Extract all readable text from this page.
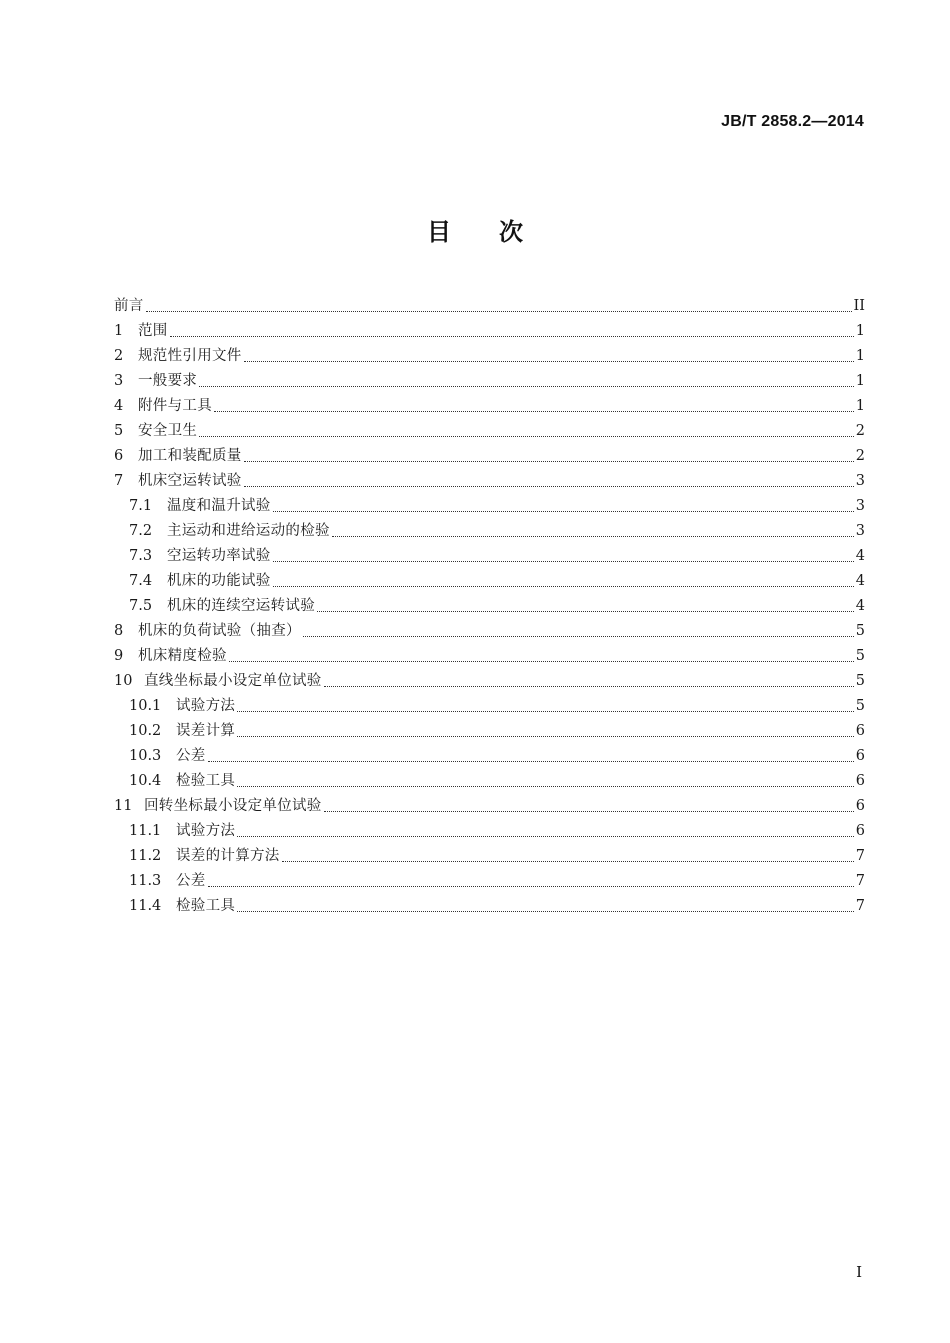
JB/T 2858.2—2014
目次
前言	II
1	范围	1
2	规范性引用文件	1
3	一般要求	1
4	附件与工具	1
5	安全卫生	2
6	加工和装配质量	2
7	机床空运转试验	3
7.1	温度和温升试验	3
7.2	主运动和进给运动的检验	3
7.3	空运转功率试验	4
7.4	机床的功能试验	4
7.5	机床的连续空运转试验	4
8	机床的负荷试验（抽查）	5
9	机床精度检验	5
10 直线坐标最小设定单位试验	5
10.1	试验方法	5
10.2	误差计算	6
10.3	公差	6
10.4	检验工具	6
11 回转坐标最小设定单位试验	6
11.1	试验方法	6
11.2	误差的计算方法	7
11.3	公差	7
11.4	检验工具	7
I
